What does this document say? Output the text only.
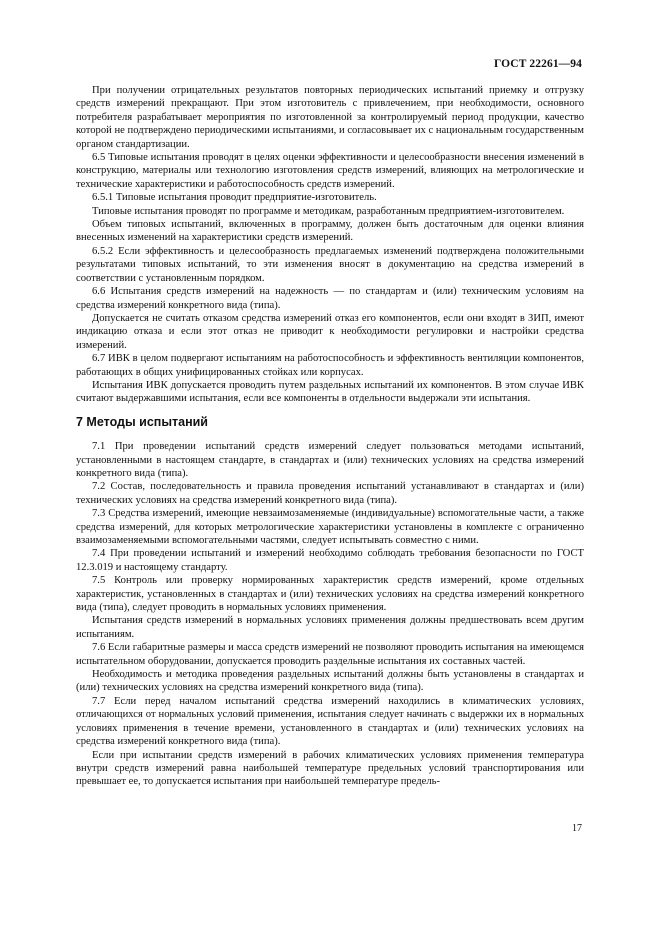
ГОСТ 22261—94

При получении отрицательных результатов повторных периодических испытаний приемку и отгрузку средств измерений прекращают. При этом изготовитель с привлечением, при необходимости, основного потребителя разрабатывает мероприятия по изготовленной за контролируемый период продукции, качество которой не подтверждено периодическими испытаниями, и согласовывает их с национальным государственным органом стандартизации.

6.5 Типовые испытания проводят в целях оценки эффективности и целесообразности внесения изменений в конструкцию, материалы или технологию изготовления средств измерений, влияющих на метрологические и технические характеристики и работоспособность средств измерений.

6.5.1 Типовые испытания проводит предприятие-изготовитель.

Типовые испытания проводят по программе и методикам, разработанным предприятием-изготовителем.

Объем типовых испытаний, включенных в программу, должен быть достаточным для оценки влияния внесенных изменений на характеристики средств измерений.

6.5.2 Если эффективность и целесообразность предлагаемых изменений подтверждена положительными результатами типовых испытаний, то эти изменения вносят в документацию на средства измерений в соответствии с установленным порядком.

6.6 Испытания средств измерений на надежность — по стандартам и (или) техническим условиям на средства измерений конкретного вида (типа).

Допускается не считать отказом средства измерений отказ его компонентов, если они входят в ЗИП, имеют индикацию отказа и если этот отказ не приводит к необходимости регулировки и настройки средства измерений.

6.7 ИВК в целом подвергают испытаниям на работоспособность и эффективность вентиляции компонентов, работающих в общих унифицированных стойках или корпусах.

Испытания ИВК допускается проводить путем раздельных испытаний их компонентов. В этом случае ИВК считают выдержавшими испытания, если все компоненты в отдельности выдержали эти испытания.

7 Методы испытаний

7.1 При проведении испытаний средств измерений следует пользоваться методами испытаний, установленными в настоящем стандарте, в стандартах и (или) технических условиях на средства измерений конкретного вида (типа).

7.2 Состав, последовательность и правила проведения испытаний устанавливают в стандартах и (или) технических условиях на средства измерений конкретного вида (типа).

7.3 Средства измерений, имеющие невзаимозаменяемые (индивидуальные) вспомогательные части, а также средства измерений, для которых метрологические характеристики установлены в комплекте с ограниченно взаимозаменяемыми вспомогательными частями, следует испытывать совместно с ними.

7.4 При проведении испытаний и измерений необходимо соблюдать требования безопасности по ГОСТ 12.3.019 и настоящему стандарту.

7.5 Контроль или проверку нормированных характеристик средств измерений, кроме отдельных характеристик, установленных в стандартах и (или) технических условиях на средства измерений конкретного вида (типа), следует проводить в нормальных условиях применения.

Испытания средств измерений в нормальных условиях применения должны предшествовать всем другим испытаниям.

7.6 Если габаритные размеры и масса средств измерений не позволяют проводить испытания на имеющемся испытательном оборудовании, допускается проводить раздельные испытания их составных частей.

Необходимость и методика проведения раздельных испытаний должны быть установлены в стандартах и (или) технических условиях на средства измерений конкретного вида (типа).

7.7 Если перед началом испытаний средства измерений находились в климатических условиях, отличающихся от нормальных условий применения, испытания следует начинать с выдержки их в нормальных условиях применения в течение времени, установленного в стандартах и (или) технических условиях на средства измерений конкретного вида (типа).

Если при испытании средств измерений в рабочих климатических условиях применения температура внутри средств измерений равна наибольшей температуре предельных условий транспортирования или превышает ее, то допускается испытания при наибольшей температуре предель-

17
